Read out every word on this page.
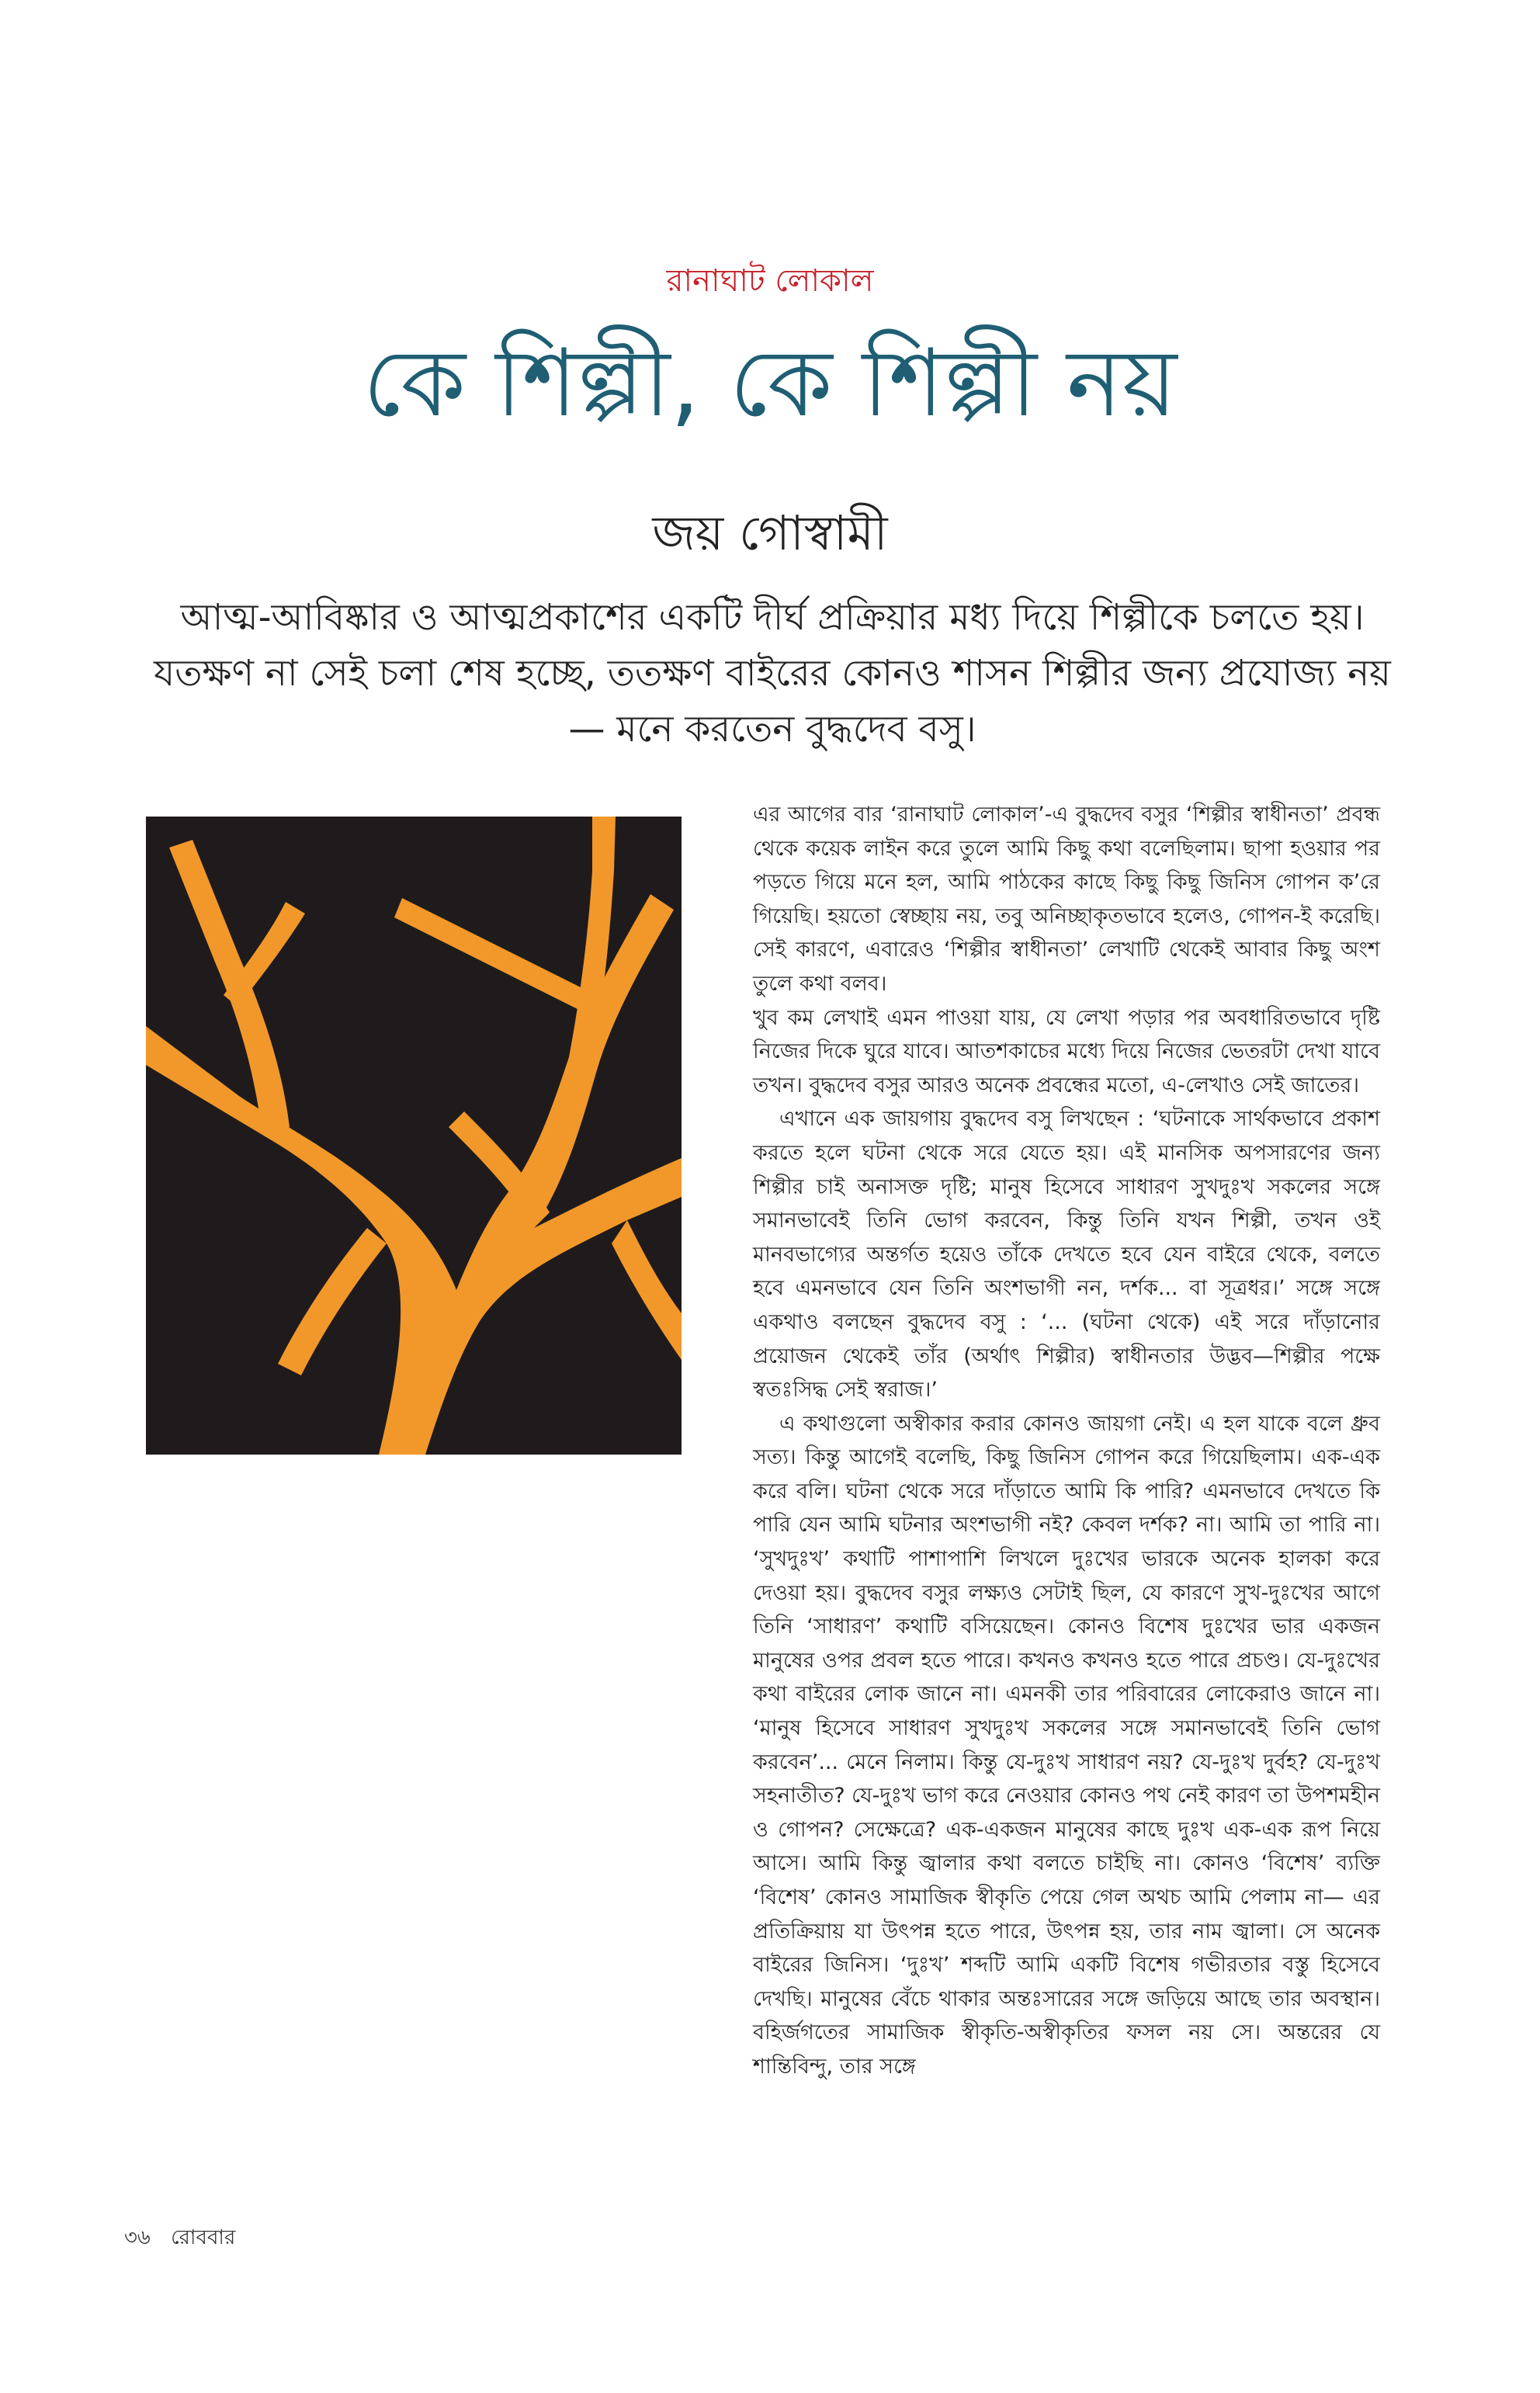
রানাঘাট লোকাল
কে শিল্পী, কে শিল্পী নয়
জয় গোস্বামী
আত্ম-আবিষ্কার ও আত্মপ্রকাশের একটি দীর্ঘ প্রক্রিয়ার মধ্য দিয়ে শিল্পীকে চলতে হয়। যতক্ষণ না সেই চলা শেষ হচ্ছে, ততক্ষণ বাইরের কোনও শাসন শিল্পীর জন্য প্রযোজ্য নয়— মনে করতেন বুদ্ধদেব বসু।

এর আগের বার ‘রানাঘাট লোকাল’-এ বুদ্ধদেব বসুর ‘শিল্পীর স্বাধীনতা’ প্রবন্ধ থেকে কয়েক লাইন করে তুলে আমি কিছু কথা বলেছিলাম। ছাপা হওয়ার পর পড়তে গিয়ে মনে হল, আমি পাঠকের কাছে কিছু কিছু জিনিস গোপন ক’রে গিয়েছি। হয়তো স্বেচ্ছায় নয়, তবু অনিচ্ছাকৃতভাবে হলেও, গোপন-ই করেছি। সেই কারণে, এবারেও ‘শিল্পীর স্বাধীনতা’ লেখাটি থেকেই আবার কিছু অংশ তুলে কথা বলব।

খুব কম লেখাই এমন পাওয়া যায়, যে লেখা পড়ার পর অবধারিতভাবে দৃষ্টি নিজের দিকে ঘুরে যাবে। আতশকাচের মধ্যে দিয়ে নিজের ভেতরটা দেখা যাবে তখন। বুদ্ধদেব বসুর আরও অনেক প্রবন্ধের মতো, এ-লেখাও সেই জাতের।

এখানে এক জায়গায় বুদ্ধদেব বসু লিখছেন : ‘ঘটনাকে সার্থকভাবে প্রকাশ করতে হলে ঘটনা থেকে সরে যেতে হয়। এই মানসিক অপসারণের জন্য শিল্পীর চাই অনাসক্ত দৃষ্টি; মানুষ হিসেবে সাধারণ সুখদুঃখ সকলের সঙ্গে সমানভাবেই তিনি ভোগ করবেন, কিন্তু তিনি যখন শিল্পী, তখন ওই মানবভাগ্যের অন্তর্গত হয়েও তাঁকে দেখতে হবে যেন বাইরে থেকে, বলতে হবে এমনভাবে যেন তিনি অংশভাগী নন, দর্শক... বা সূত্রধর।’ সঙ্গে সঙ্গে একথাও বলছেন বুদ্ধদেব বসু : ‘... (ঘটনা থেকে) এই সরে দাঁড়ানোর প্রয়োজন থেকেই তাঁর (অর্থাৎ শিল্পীর) স্বাধীনতার উদ্ভব—শিল্পীর পক্ষে স্বতঃসিদ্ধ সেই স্বরাজ।’

এ কথাগুলো অস্বীকার করার কোনও জায়গা নেই। এ হল যাকে বলে ধ্রুব সত্য। কিন্তু আগেই বলেছি, কিছু জিনিস গোপন করে গিয়েছিলাম। এক-এক করে বলি। ঘটনা থেকে সরে দাঁড়াতে আমি কি পারি? এমনভাবে দেখতে কি পারি যেন আমি ঘটনার অংশভাগী নই? কেবল দর্শক? না। আমি তা পারি না। ‘সুখদুঃখ’ কথাটি পাশাপাশি লিখলে দুঃখের ভারকে অনেক হালকা করে দেওয়া হয়। বুদ্ধদেব বসুর লক্ষ্যও সেটাই ছিল, যে কারণে সুখ-দুঃখের আগে তিনি ‘সাধারণ’ কথাটি বসিয়েছেন। কোনও বিশেষ দুঃখের ভার একজন মানুষের ওপর প্রবল হতে পারে। কখনও কখনও হতে পারে প্রচণ্ড। যে-দুঃখের কথা বাইরের লোক জানে না। এমনকী তার পরিবারের লোকেরাও জানে না। ‘মানুষ হিসেবে সাধারণ সুখদুঃখ সকলের সঙ্গে সমানভাবেই তিনি ভোগ করবেন’... মেনে নিলাম। কিন্তু যে-দুঃখ সাধারণ নয়? যে-দুঃখ দুর্বহ? যে-দুঃখ সহনাতীত? যে-দুঃখ ভাগ করে নেওয়ার কোনও পথ নেই কারণ তা উপশমহীন ও গোপন? সেক্ষেত্রে? এক-একজন মানুষের কাছে দুঃখ এক-এক রূপ নিয়ে আসে। আমি কিন্তু জ্বালার কথা বলতে চাইছি না। কোনও ‘বিশেষ’ ব্যক্তি ‘বিশেষ’ কোনও সামাজিক স্বীকৃতি পেয়ে গেল অথচ আমি পেলাম না— এর প্রতিক্রিয়ায় যা উৎপন্ন হতে পারে, উৎপন্ন হয়, তার নাম জ্বালা। সে অনেক বাইরের জিনিস। ‘দুঃখ’ শব্দটি আমি একটি বিশেষ গভীরতার বস্তু হিসেবে দেখছি। মানুষের বেঁচে থাকার অন্তঃসারের সঙ্গে জড়িয়ে আছে তার অবস্থান। বহির্জগতের সামাজিক স্বীকৃতি-অস্বীকৃতির ফসল নয় সে। অন্তরের যে শান্তিবিন্দু, তার সঙ্গে

৩৬ রোববার
